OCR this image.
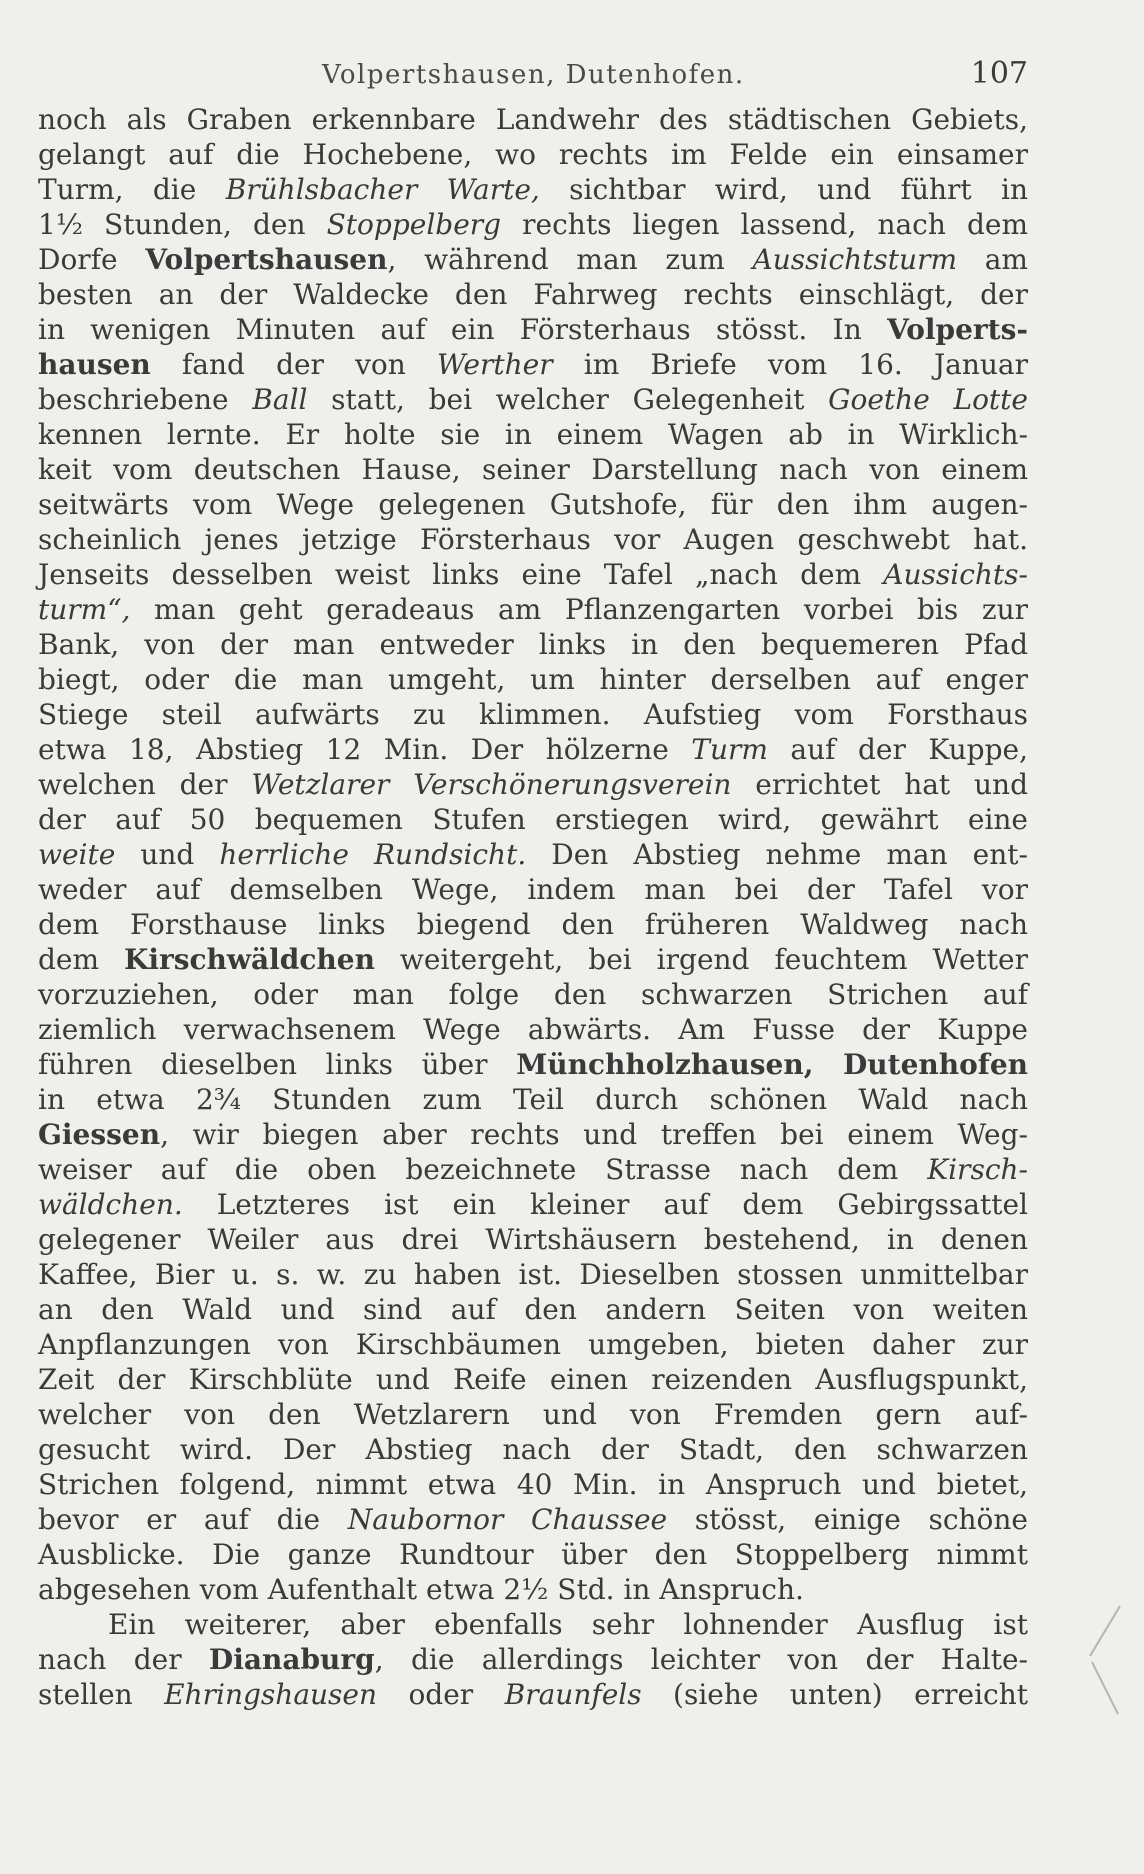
Volpertshausen, Dutenhofen.	107
noch als Graben erkennbare Landwehr des städtischen Gebiets,
gelangt auf die Hochebene, wo rechts im Felde ein einsamer
Turm, die Brühlsbacher Warte, sichtbar wird, und führt in
1½ Stunden, den Stoppelberg rechts liegen lassend, nach dem
Dorfe Volpertshausen, während man zum Aussichtsturm am
besten an der Waldecke den Fahrweg rechts einschlägt, der
in wenigen Minuten auf ein Försterhaus stösst. In Volperts-
hausen fand der von Werther im Briefe vom 16. Januar
beschriebene Ball statt, bei welcher Gelegenheit Goethe Lotte
kennen lernte. Er holte sie in einem Wagen ab in Wirklich-
keit vom deutschen Hause, seiner Darstellung nach von einem
seitwärts vom Wege gelegenen Gutshofe, für den ihm augen-
scheinlich jenes jetzige Försterhaus vor Augen geschwebt hat.
Jenseits desselben weist links eine Tafel „nach dem Aussichts-
turm“, man geht geradeaus am Pflanzengarten vorbei bis zur
Bank, von der man entweder links in den bequemeren Pfad
biegt, oder die man umgeht, um hinter derselben auf enger
Stiege steil aufwärts zu klimmen. Aufstieg vom Forsthaus
etwa 18, Abstieg 12 Min. Der hölzerne Turm auf der Kuppe,
welchen der Wetzlarer Verschönerungsverein errichtet hat und
der auf 50 bequemen Stufen erstiegen wird, gewährt eine
weite und herrliche Rundsicht. Den Abstieg nehme man ent-
weder auf demselben Wege, indem man bei der Tafel vor
dem Forsthause links biegend den früheren Waldweg nach
dem Kirschwäldchen weitergeht, bei irgend feuchtem Wetter
vorzuziehen, oder man folge den schwarzen Strichen auf
ziemlich verwachsenem Wege abwärts. Am Fusse der Kuppe
führen dieselben links über Münchholzhausen, Dutenhofen
in etwa 2¾ Stunden zum Teil durch schönen Wald nach
Giessen, wir biegen aber rechts und treffen bei einem Weg-
weiser auf die oben bezeichnete Strasse nach dem Kirsch-
wäldchen. Letzteres ist ein kleiner auf dem Gebirgssattel
gelegener Weiler aus drei Wirtshäusern bestehend, in denen
Kaffee, Bier u. s. w. zu haben ist. Dieselben stossen unmittelbar
an den Wald und sind auf den andern Seiten von weiten
Anpflanzungen von Kirschbäumen umgeben, bieten daher zur
Zeit der Kirschblüte und Reife einen reizenden Ausflugspunkt,
welcher von den Wetzlarern und von Fremden gern auf-
gesucht wird. Der Abstieg nach der Stadt, den schwarzen
Strichen folgend, nimmt etwa 40 Min. in Anspruch und bietet,
bevor er auf die Naubornor Chaussee stösst, einige schöne
Ausblicke. Die ganze Rundtour über den Stoppelberg nimmt
abgesehen vom Aufenthalt etwa 2½ Std. in Anspruch.
Ein weiterer, aber ebenfalls sehr lohnender Ausflug ist
nach der Dianaburg, die allerdings leichter von der Halte-
stellen Ehringshausen oder Braunfels (siehe unten) erreicht
